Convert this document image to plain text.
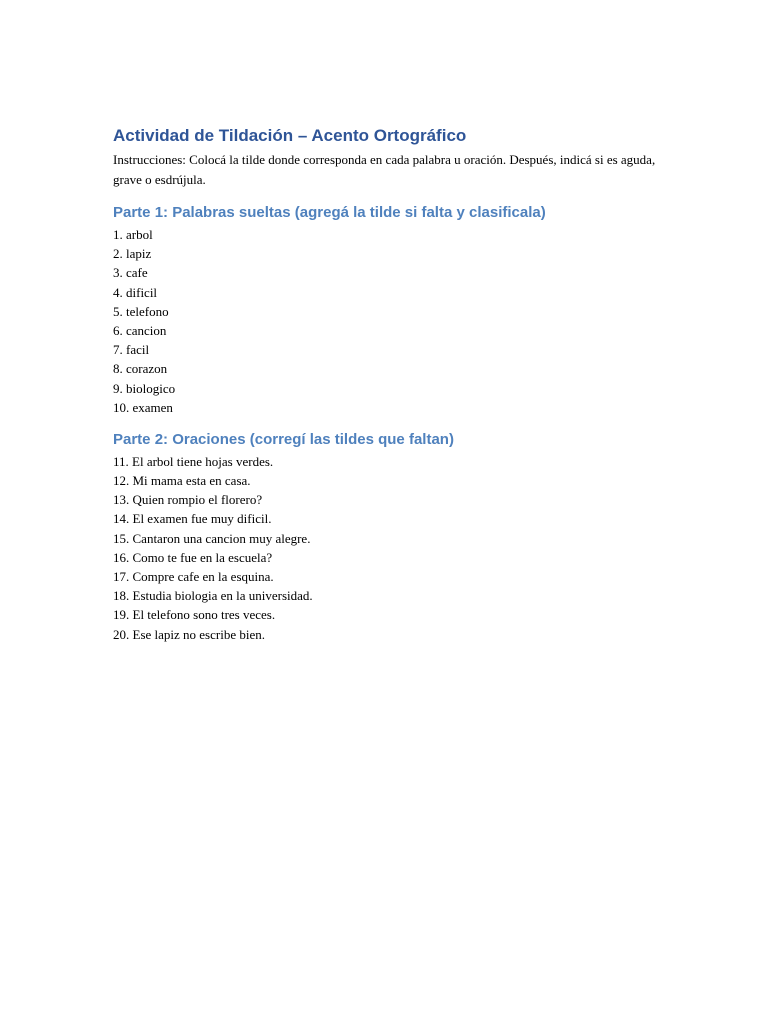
Actividad de Tildación – Acento Ortográfico

Instrucciones: Colocá la tilde donde corresponda en cada palabra u oración. Después, indicá si es aguda, grave o esdrújula.

Parte 1: Palabras sueltas (agregá la tilde si falta y clasificala)
1. arbol
2. lapiz
3. cafe
4. dificil
5. telefono
6. cancion
7. facil
8. corazon
9. biologico
10. examen
Parte 2: Oraciones (corregí las tildes que faltan)
11. El arbol tiene hojas verdes.
12. Mi mama esta en casa.
13. Quien rompio el florero?
14. El examen fue muy dificil.
15. Cantaron una cancion muy alegre.
16. Como te fue en la escuela?
17. Compre cafe en la esquina.
18. Estudia biologia en la universidad.
19. El telefono sono tres veces.
20. Ese lapiz no escribe bien.
